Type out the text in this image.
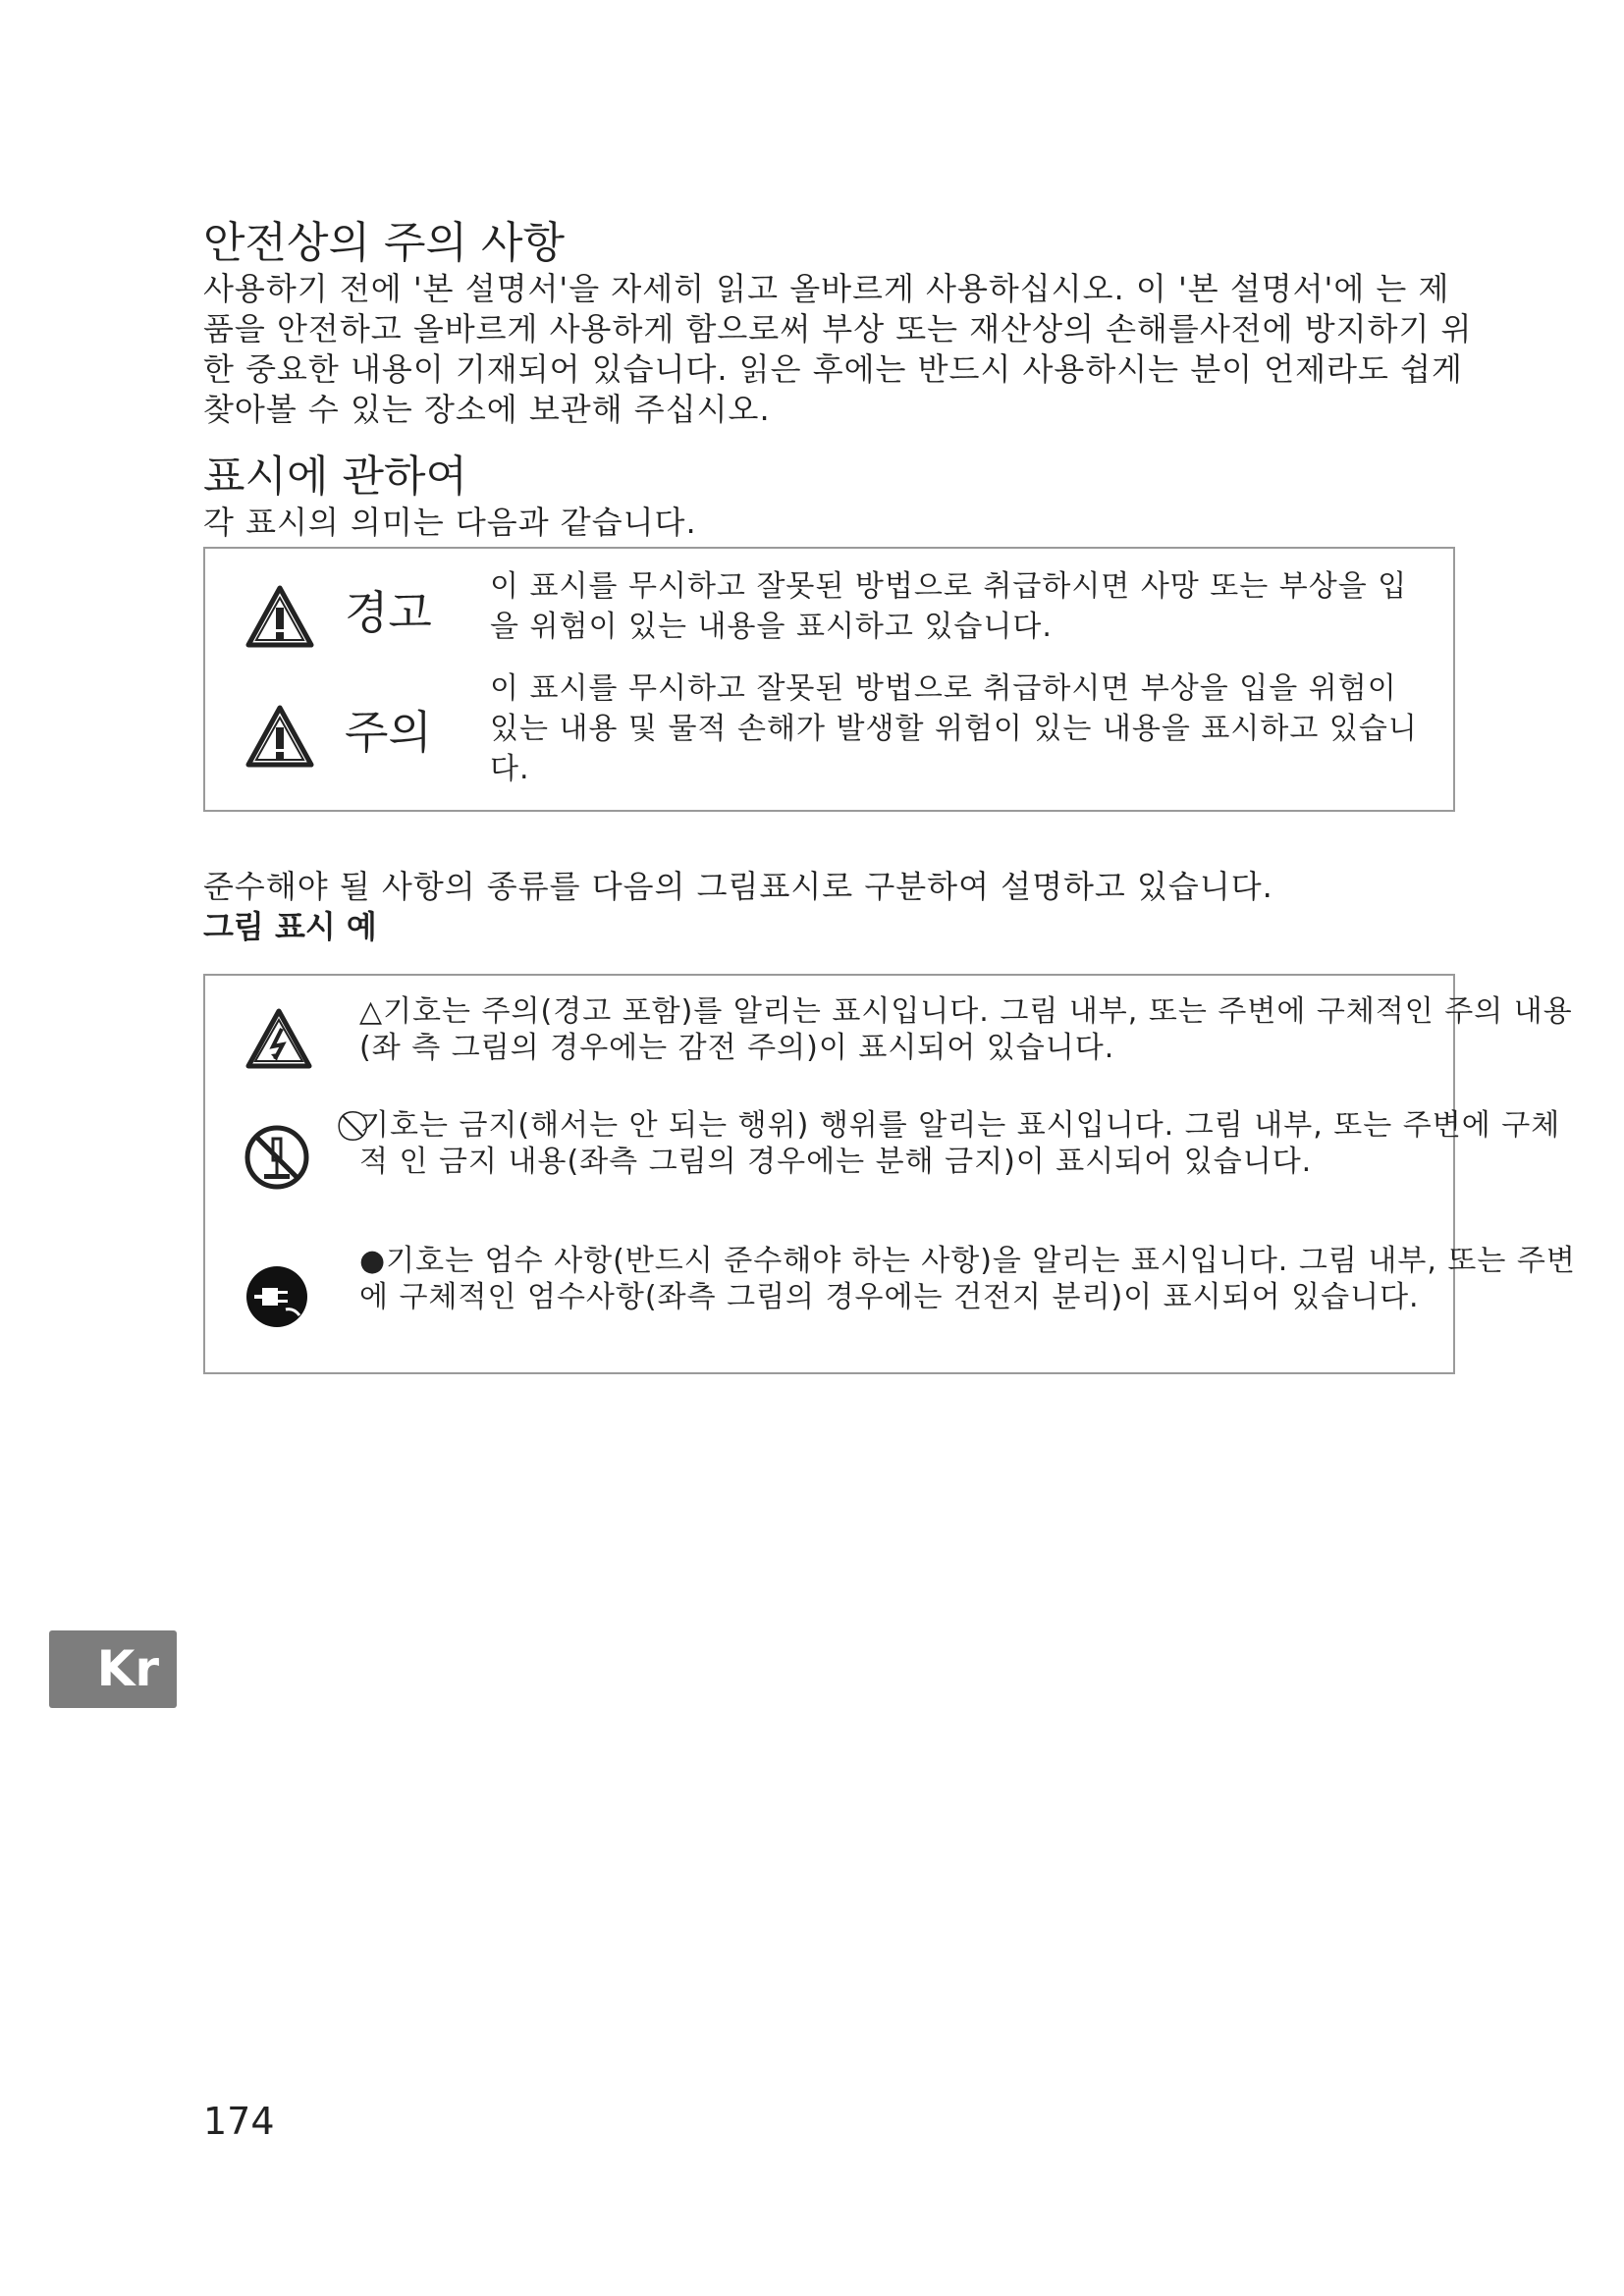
안전상의 주의 사항

사용하기 전에 '본 설명서'을 자세히 읽고 올바르게 사용하십시오. 이 '본 설명서'에 는 제품을 안전하고 올바르게 사용하게 함으로써 부상 또는 재산상의 손해를사전에 방지하기 위한 중요한 내용이 기재되어 있습니다. 읽은 후에는 반드시 사용하시는 분이 언제라도 쉽게 찾아볼 수 있는 장소에 보관해 주십시오.

표시에 관하여

각 표시의 의미는 다음과 같습니다.

경고 이 표시를 무시하고 잘못된 방법으로 취급하시면 사망 또는 부상을 입을 위험이 있는 내용을 표시하고 있습니다.
주의
이 표시를 무시하고 잘못된 방법으로 취급하시면 부상을 입을 위험이 있는 내용 및 물적 손해가 발생할 위험이 있는 내용을 표시하고 있습니다.

준수해야 될 사항의 종류를 다음의 그림표시로 구분하여 설명하고 있습니다.

그림 표시 예

△기호는 주의(경고 포함)를 알리는 표시입니다. 그림 내부, 또는 주변에 구체적인 주의 내용(좌 측 그림의 경우에는 감전 주의)이 표시되어 있습니다.
⃠기호는 금지(해서는 안 되는 행위) 행위를 알리는 표시입니다. 그림 내부, 또는 주변에 구체적 인 금지 내용(좌측 그림의 경우에는 분해 금지)이 표시되어 있습니다.
●기호는 엄수 사항(반드시 준수해야 하는 사항)을 알리는 표시입니다. 그림 내부, 또는 주변에 구체적인 엄수사항(좌측 그림의 경우에는 건전지 분리)이 표시되어 있습니다.
Kr
174
